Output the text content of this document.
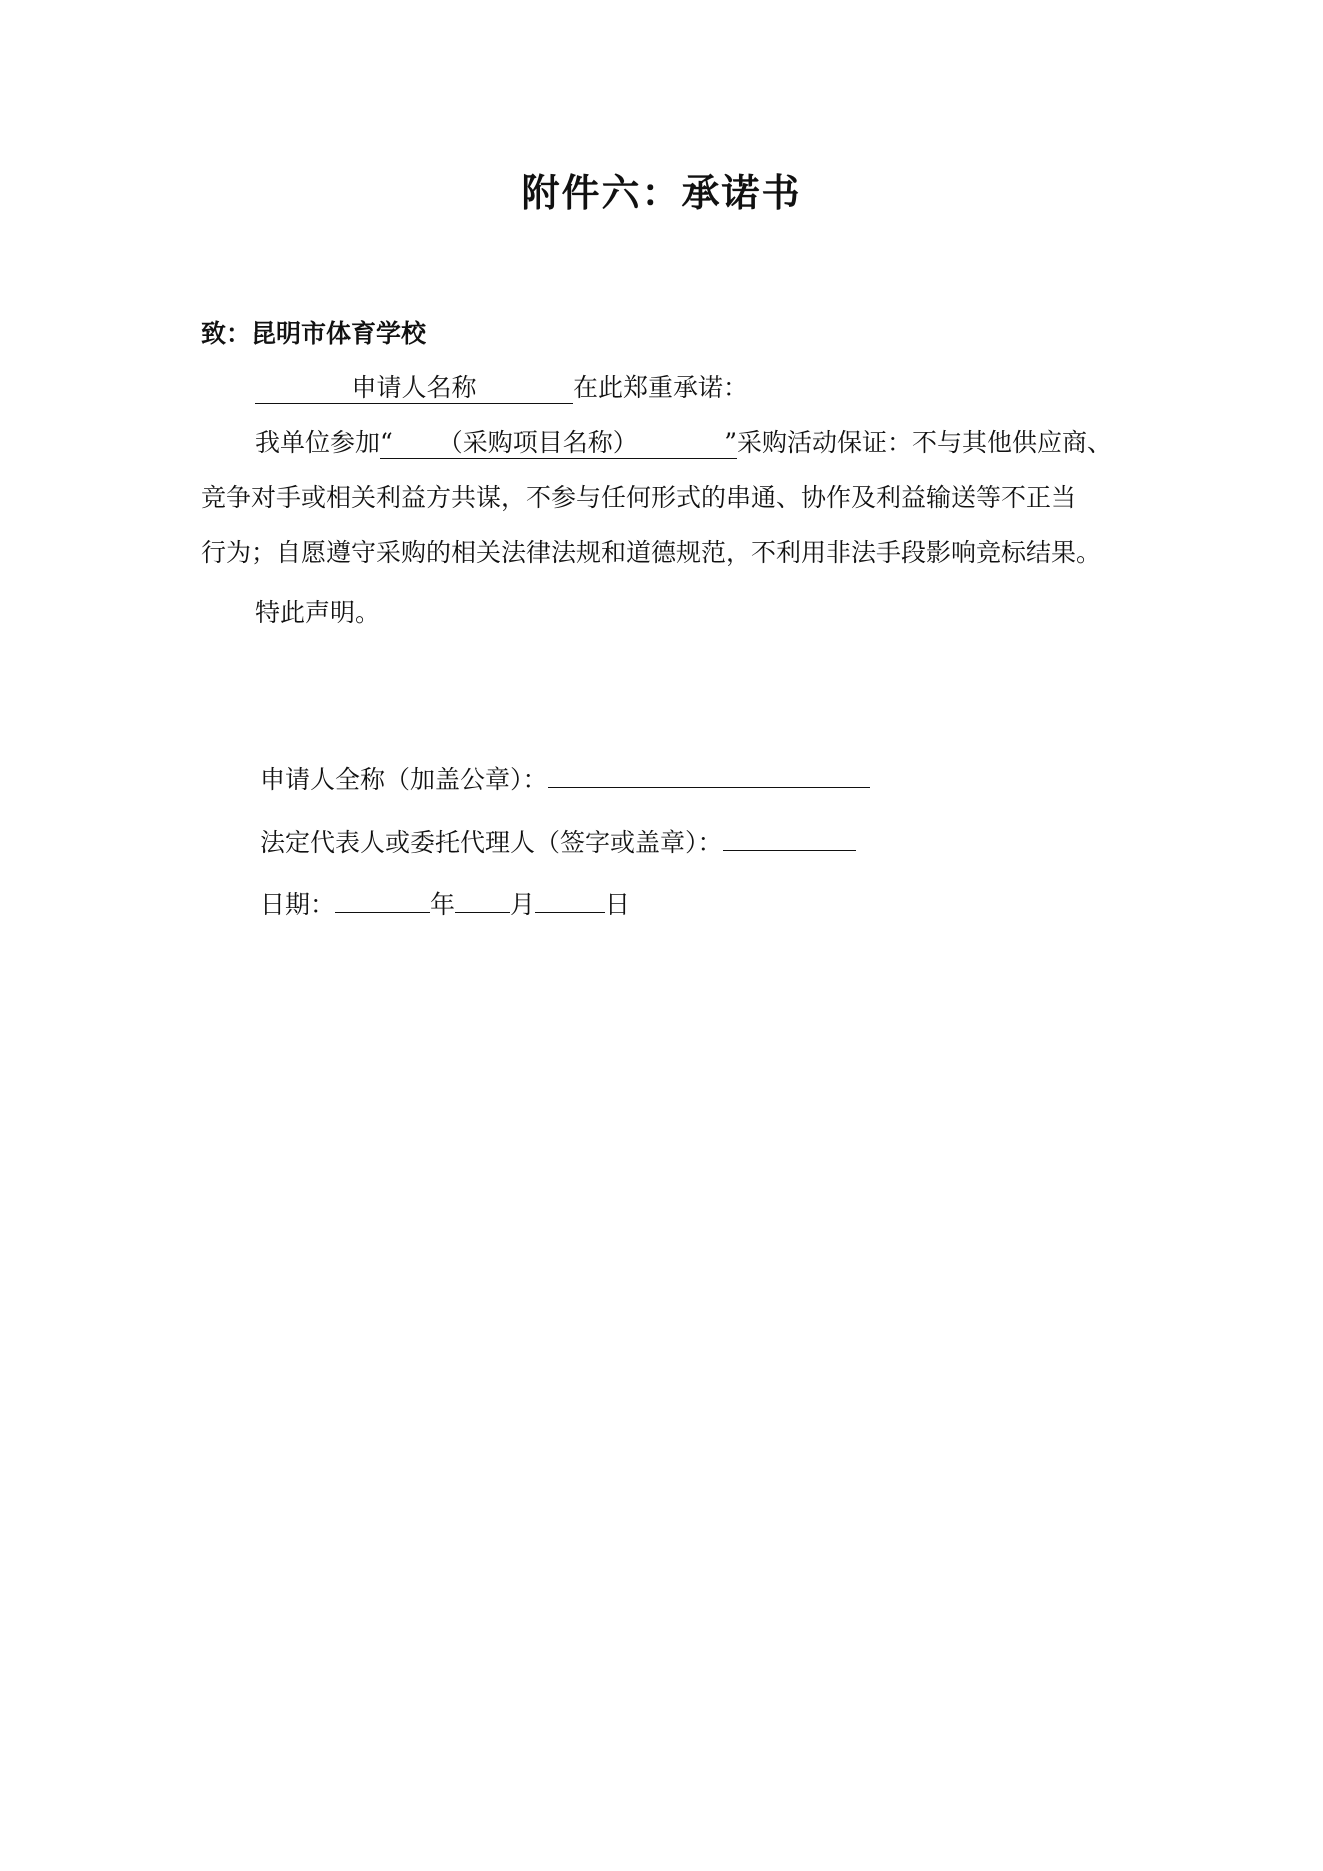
附件六：承诺书
致：昆明市体育学校
申请人名称	在此郑重承诺：
我单位参加“ （采购项目名称）	” 采购活动保证：不与其他供应商、
竞争对手或相关利益方共谋，不参与任何形式的串通、协作及利益输送等不正当
行为；自愿遵守采购的相关法律法规和道德规范，不利用非法手段影响竞标结果。
特此声明。
申请人全称（加盖公章）：
法定代表人或委托代理人（签字或盖章）：
日期：	年 月	日
